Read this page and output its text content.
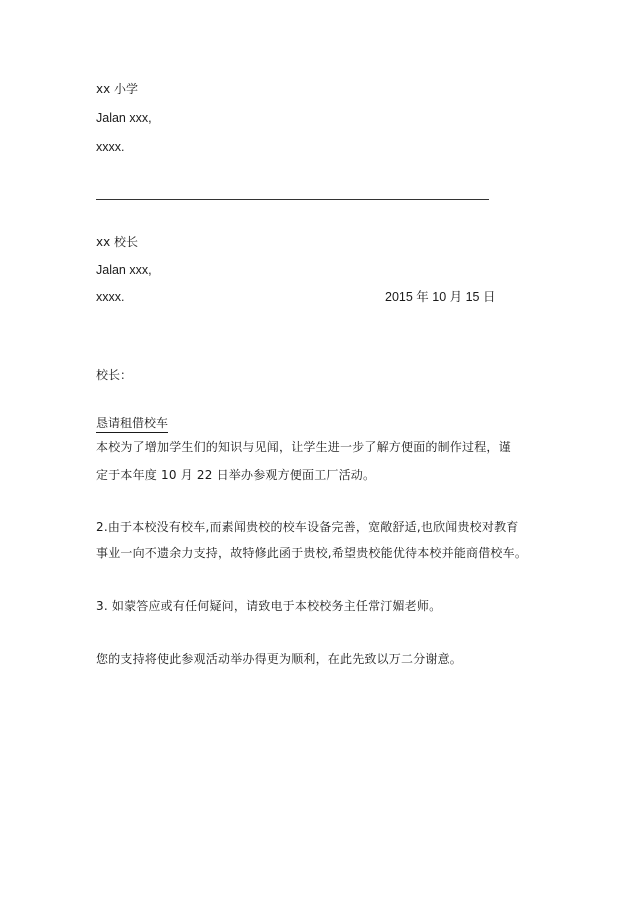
xx 小学
Jalan xxx,
xxxx.
xx 校长
Jalan xxx,
xxxx.	2015 年 10 月 15 日
校长：
恳请租借校车
本校为了增加学生们的知识与见闻，让学生进一步了解方便面的制作过程，谨
定于本年度 10 月 22 日举办参观方便面工厂活动。
2.由于本校没有校车,而素闻贵校的校车设备完善，宽敞舒适,也欣闻贵校对教育
事业一向不遗余力支持，故特修此函于贵校,希望贵校能优待本校并能商借校车。
3. 如蒙答应或有任何疑问，请致电于本校校务主任常汀媚老师。
您的支持将使此参观活动举办得更为顺利，在此先致以万二分谢意。
